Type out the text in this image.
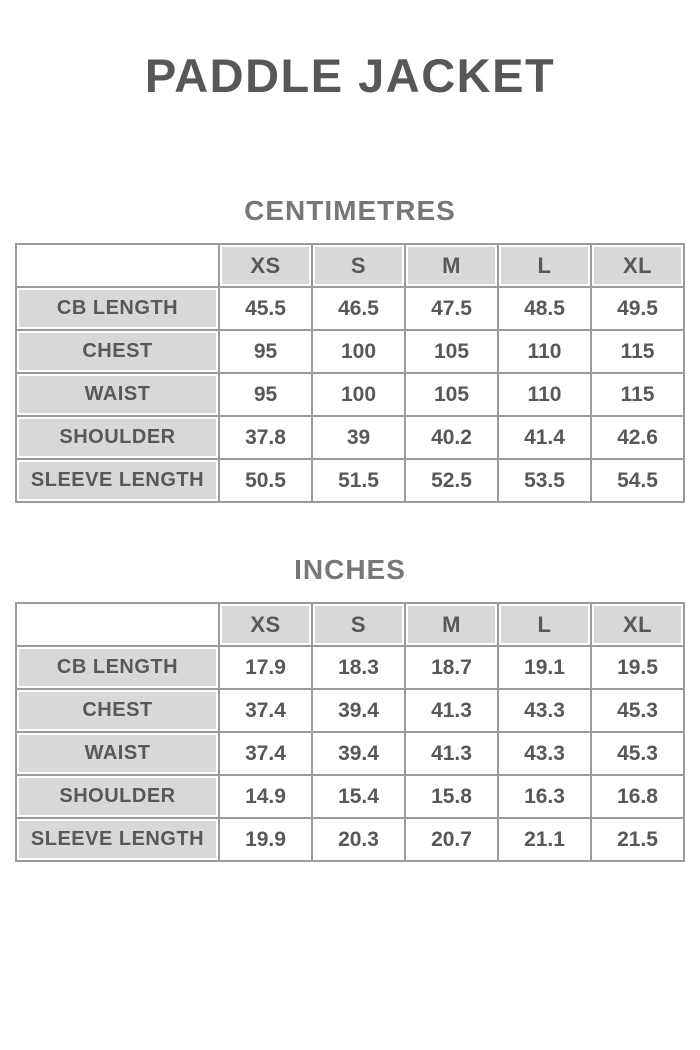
PADDLE JACKET
CENTIMETRES
	XS	S	M	L	XL
CB LENGTH	45.5	46.5	47.5	48.5	49.5
CHEST	95	100	105	110	115
WAIST	95	100	105	110	115
SHOULDER	37.8	39	40.2	41.4	42.6
SLEEVE LENGTH	50.5	51.5	52.5	53.5	54.5
INCHES
	XS	S	M	L	XL
CB LENGTH	17.9	18.3	18.7	19.1	19.5
CHEST	37.4	39.4	41.3	43.3	45.3
WAIST	37.4	39.4	41.3	43.3	45.3
SHOULDER	14.9	15.4	15.8	16.3	16.8
SLEEVE LENGTH	19.9	20.3	20.7	21.1	21.5
